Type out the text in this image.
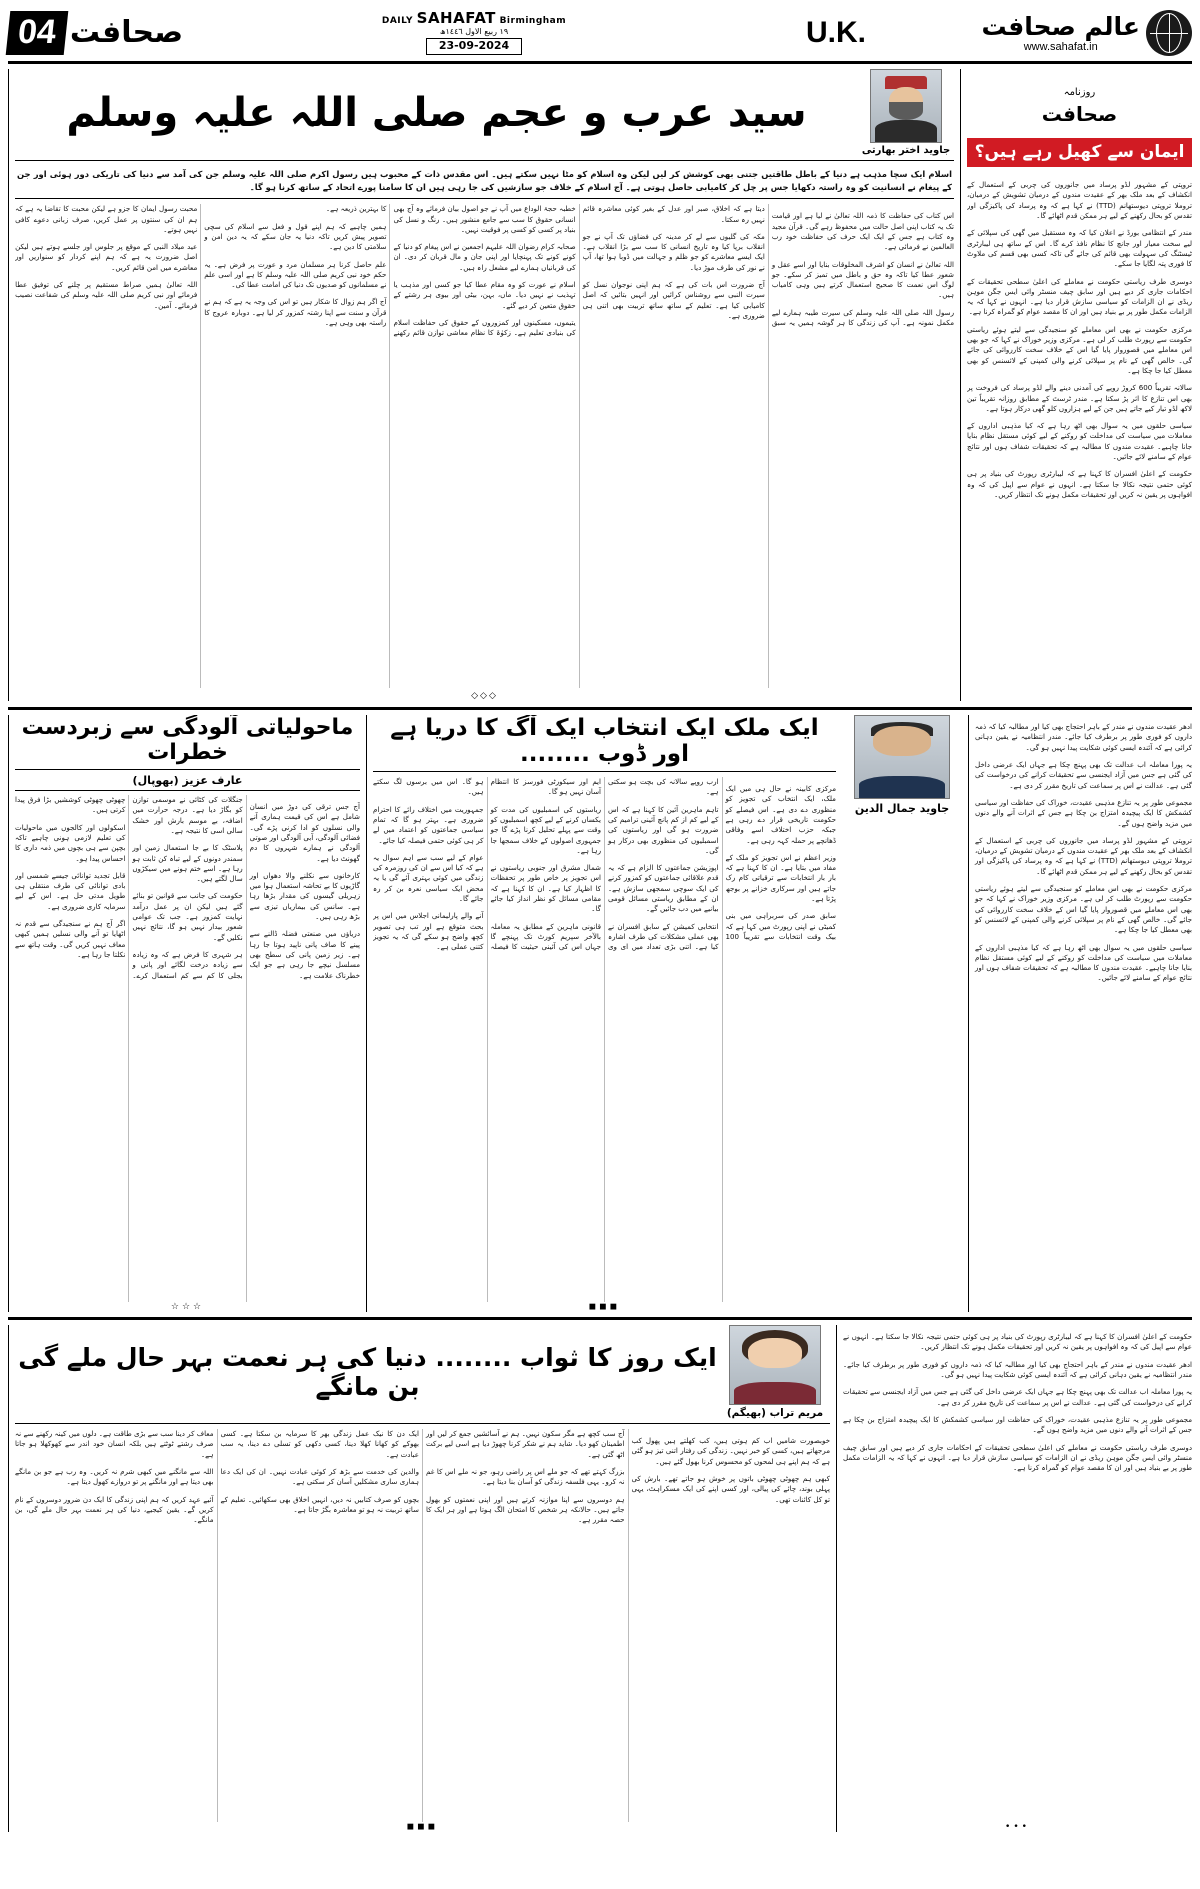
04 صحافت	DAILY SAHAFAT Birmingham
١٩ ربیع الاول ١٤٤٦ھ
23-09-2024	U.K.	عالم صحافت
www.sahafat.in
سید عرب و عجم صلی اللہ علیہ وسلم
جاوید اختر بھارتی
اسلام ایک سچا مذہب ہے دنیا کے باطل طاقتیں جتنی بھی کوشش کر لیں لیکن وہ اسلام کو مٹا نہیں سکتے ہیں۔ اس مقدس ذات کے محبوب ہیں رسول اکرم صلی اللہ علیہ وسلم جن کی آمد سے دنیا کی تاریکی دور ہوئی اور جن کے پیغام نے انسانیت کو وہ راستہ دکھایا جس پر چل کر کامیابی حاصل ہوتی ہے۔ آج اسلام کے خلاف جو سازشیں کی جا رہی ہیں ان کا سامنا پورے اتحاد کے ساتھ کرنا ہو گا۔

اس کتاب کی حفاظت کا ذمہ اللہ تعالیٰ نے لیا ہے اور قیامت تک یہ کتاب اپنی اصل حالت میں محفوظ رہے گی۔ قرآن مجید وہ کتاب ہے جس کے ایک ایک حرف کی حفاظت خود رب العالمین نے فرمائی ہے۔

اللہ تعالیٰ نے انسان کو اشرف المخلوقات بنایا اور اسے عقل و شعور عطا کیا تاکہ وہ حق و باطل میں تمیز کر سکے۔ جو لوگ اس نعمت کا صحیح استعمال کرتے ہیں وہی کامیاب ہیں۔

رسول اللہ صلی اللہ علیہ وسلم کی سیرت طیبہ ہمارے لیے مکمل نمونہ ہے۔ آپ کی زندگی کا ہر گوشہ ہمیں یہ سبق دیتا ہے کہ اخلاق، صبر اور عدل کے بغیر کوئی معاشرہ قائم نہیں رہ سکتا۔

مکہ کی گلیوں سے لے کر مدینہ کی فضاؤں تک آپ نے جو انقلاب برپا کیا وہ تاریخ انسانی کا سب سے بڑا انقلاب ہے۔ ایک ایسے معاشرے کو جو ظلم و جہالت میں ڈوبا ہوا تھا، آپ نے نور کی طرف موڑ دیا۔

آج ضرورت اس بات کی ہے کہ ہم اپنی نوجوان نسل کو سیرت النبی سے روشناس کرائیں اور انہیں بتائیں کہ اصل کامیابی کیا ہے۔ تعلیم کے ساتھ ساتھ تربیت بھی اتنی ہی ضروری ہے۔

خطبہ حجۃ الوداع میں آپ نے جو اصول بیان فرمائے وہ آج بھی انسانی حقوق کا سب سے جامع منشور ہیں۔ رنگ و نسل کی بنیاد پر کسی کو کسی پر فوقیت نہیں۔

صحابہ کرام رضوان اللہ علیہم اجمعین نے اس پیغام کو دنیا کے کونے کونے تک پہنچایا اور اپنی جان و مال قربان کر دی۔ ان کی قربانیاں ہمارے لیے مشعل راہ ہیں۔

اسلام نے عورت کو وہ مقام عطا کیا جو کسی اور مذہب یا تہذیب نے نہیں دیا۔ ماں، بہن، بیٹی اور بیوی ہر رشتے کے حقوق متعین کر دیے گئے۔

یتیموں، مسکینوں اور کمزوروں کے حقوق کی حفاظت اسلام کی بنیادی تعلیم ہے۔ زکوٰۃ کا نظام معاشی توازن قائم رکھنے کا بہترین ذریعہ ہے۔

ہمیں چاہیے کہ ہم اپنے قول و فعل سے اسلام کی سچی تصویر پیش کریں تاکہ دنیا یہ جان سکے کہ یہ دین امن و سلامتی کا دین ہے۔

علم حاصل کرنا ہر مسلمان مرد و عورت پر فرض ہے۔ یہ حکم خود نبی کریم صلی اللہ علیہ وسلم کا ہے اور اسی علم نے مسلمانوں کو صدیوں تک دنیا کی امامت عطا کی۔

آج اگر ہم زوال کا شکار ہیں تو اس کی وجہ یہ ہے کہ ہم نے قرآن و سنت سے اپنا رشتہ کمزور کر لیا ہے۔ دوبارہ عروج کا راستہ بھی وہی ہے۔

محبت رسول ایمان کا جزو ہے لیکن محبت کا تقاضا یہ ہے کہ ہم ان کی سنتوں پر عمل کریں، صرف زبانی دعوے کافی نہیں ہوتے۔

عید میلاد النبی کے موقع پر جلوس اور جلسے ہوتے ہیں لیکن اصل ضرورت یہ ہے کہ ہم اپنے کردار کو سنواریں اور معاشرے میں امن قائم کریں۔

اللہ تعالیٰ ہمیں صراط مستقیم پر چلنے کی توفیق عطا فرمائے اور نبی کریم صلی اللہ علیہ وسلم کی شفاعت نصیب فرمائے۔ آمین۔

◇◇◇
روزنامہ
صحافت
ایمان سے کھیل رہے ہیں؟

تروپتی کے مشہور لڈو پرساد میں جانوروں کی چربی کے استعمال کے انکشاف کے بعد ملک بھر کے عقیدت مندوں کے درمیان تشویش کے درمیان، تروملا تروپتی دیوستھانم (TTD) نے کہا ہے کہ وہ پرساد کی پاکیزگی اور تقدس کو بحال رکھنے کے لیے ہر ممکن قدم اٹھائے گا۔

مندر کے انتظامی بورڈ نے اعلان کیا کہ وہ مستقبل میں گھی کی سپلائی کے لیے سخت معیار اور جانچ کا نظام نافذ کرے گا۔ اس کے ساتھ ہی لیبارٹری ٹیسٹنگ کی سہولت بھی قائم کی جائے گی تاکہ کسی بھی قسم کی ملاوٹ کا فوری پتہ لگایا جا سکے۔

دوسری طرف ریاستی حکومت نے معاملے کی اعلیٰ سطحی تحقیقات کے احکامات جاری کر دیے ہیں اور سابق چیف منسٹر وائی ایس جگن موہن ریڈی نے ان الزامات کو سیاسی سازش قرار دیا ہے۔ انہوں نے کہا کہ یہ الزامات مکمل طور پر بے بنیاد ہیں اور ان کا مقصد عوام کو گمراہ کرنا ہے۔

مرکزی حکومت نے بھی اس معاملے کو سنجیدگی سے لیتے ہوئے ریاستی حکومت سے رپورٹ طلب کر لی ہے۔ مرکزی وزیر خوراک نے کہا کہ جو بھی اس معاملے میں قصوروار پایا گیا اس کے خلاف سخت کارروائی کی جائے گی۔ خالص گھی کے نام پر سپلائی کرنے والی کمپنی کے لائسنس کو بھی معطل کیا جا چکا ہے۔

سالانہ تقریباً 600 کروڑ روپے کی آمدنی دینے والے لڈو پرساد کی فروخت پر بھی اس تنازع کا اثر پڑ سکتا ہے۔ مندر ٹرسٹ کے مطابق روزانہ تقریباً تین لاکھ لڈو تیار کیے جاتے ہیں جن کے لیے ہزاروں کلو گھی درکار ہوتا ہے۔

سیاسی حلقوں میں یہ سوال بھی اٹھ رہا ہے کہ کیا مذہبی اداروں کے معاملات میں سیاست کی مداخلت کو روکنے کے لیے کوئی مستقل نظام بنایا جانا چاہیے۔ عقیدت مندوں کا مطالبہ ہے کہ تحقیقات شفاف ہوں اور نتائج عوام کے سامنے لائے جائیں۔

حکومت کے اعلیٰ افسران کا کہنا ہے کہ لیبارٹری رپورٹ کی بنیاد پر ہی کوئی حتمی نتیجہ نکالا جا سکتا ہے۔ انہوں نے عوام سے اپیل کی کہ وہ افواہوں پر یقین نہ کریں اور تحقیقات مکمل ہونے تک انتظار کریں۔

ماحولیاتی آلودگی سے زبردست خطرات
عارف عزیز (بھوپال)

آج جس ترقی کی دوڑ میں انسان شامل ہے اس کی قیمت ہماری آنے والی نسلوں کو ادا کرنی پڑے گی۔ فضائی آلودگی، آبی آلودگی اور صوتی آلودگی نے ہمارے شہروں کا دم گھونٹ دیا ہے۔

کارخانوں سے نکلنے والا دھواں اور گاڑیوں کا بے تحاشہ استعمال ہوا میں زہریلی گیسوں کی مقدار بڑھا رہا ہے۔ سانس کی بیماریاں تیزی سے بڑھ رہی ہیں۔

دریاؤں میں صنعتی فضلہ ڈالنے سے پینے کا صاف پانی ناپید ہوتا جا رہا ہے۔ زیر زمین پانی کی سطح بھی مسلسل نیچے جا رہی ہے جو ایک خطرناک علامت ہے۔

جنگلات کی کٹائی نے موسمی توازن کو بگاڑ دیا ہے۔ درجہ حرارت میں اضافہ، بے موسم بارش اور خشک سالی اسی کا نتیجہ ہے۔

پلاسٹک کا بے جا استعمال زمین اور سمندر دونوں کے لیے تباہ کن ثابت ہو رہا ہے۔ اسے ختم ہونے میں سیکڑوں سال لگتے ہیں۔

حکومت کی جانب سے قوانین تو بنائے گئے ہیں لیکن ان پر عمل درآمد نہایت کمزور ہے۔ جب تک عوامی شعور بیدار نہیں ہو گا، نتائج نہیں نکلیں گے۔

ہر شہری کا فرض ہے کہ وہ زیادہ سے زیادہ درخت لگائے اور پانی و بجلی کا کم سے کم استعمال کرے۔ چھوٹی چھوٹی کوششیں بڑا فرق پیدا کرتی ہیں۔

اسکولوں اور کالجوں میں ماحولیات کی تعلیم لازمی ہونی چاہیے تاکہ بچپن سے ہی بچوں میں ذمہ داری کا احساس پیدا ہو۔

قابل تجدید توانائی جیسے شمسی اور بادی توانائی کی طرف منتقلی ہی طویل مدتی حل ہے۔ اس کے لیے سرمایہ کاری ضروری ہے۔

اگر آج ہم نے سنجیدگی سے قدم نہ اٹھایا تو آنے والی نسلیں ہمیں کبھی معاف نہیں کریں گی۔ وقت ہاتھ سے نکلتا جا رہا ہے۔

☆☆☆
ایک ملک ایک انتخاب ایک آگ کا دریا ہے اور ڈوب ........

مرکزی کابینہ نے حال ہی میں ایک ملک، ایک انتخاب کی تجویز کو منظوری دے دی ہے۔ اس فیصلے کو حکومت تاریخی قرار دے رہی ہے جبکہ حزب اختلاف اسے وفاقی ڈھانچے پر حملہ کہہ رہی ہے۔

وزیر اعظم نے اس تجویز کو ملک کے مفاد میں بتایا ہے۔ ان کا کہنا ہے کہ بار بار انتخابات سے ترقیاتی کام رک جاتے ہیں اور سرکاری خزانے پر بوجھ پڑتا ہے۔

سابق صدر کی سربراہی میں بنی کمیٹی نے اپنی رپورٹ میں کہا ہے کہ بیک وقت انتخابات سے تقریباً 100 ارب روپے سالانہ کی بچت ہو سکتی ہے۔

تاہم ماہرین آئین کا کہنا ہے کہ اس کے لیے کم از کم پانچ آئینی ترامیم کی ضرورت ہو گی اور ریاستوں کی اسمبلیوں کی منظوری بھی درکار ہو گی۔

اپوزیشن جماعتوں کا الزام ہے کہ یہ قدم علاقائی جماعتوں کو کمزور کرنے کی ایک سوچی سمجھی سازش ہے۔ ان کے مطابق ریاستی مسائل قومی بیانیے میں دب جائیں گے۔

انتخابی کمیشن کے سابق افسران نے بھی عملی مشکلات کی طرف اشارہ کیا ہے۔ اتنی بڑی تعداد میں ای وی ایم اور سیکورٹی فورسز کا انتظام آسان نہیں ہو گا۔

ریاستوں کی اسمبلیوں کی مدت کو یکساں کرنے کے لیے کچھ اسمبلیوں کو وقت سے پہلے تحلیل کرنا پڑے گا جو جمہوری اصولوں کے خلاف سمجھا جا رہا ہے۔

شمال مشرق اور جنوبی ریاستوں نے اس تجویز پر خاص طور پر تحفظات کا اظہار کیا ہے۔ ان کا کہنا ہے کہ مقامی مسائل کو نظر انداز کیا جائے گا۔

قانونی ماہرین کے مطابق یہ معاملہ بالآخر سپریم کورٹ تک پہنچے گا جہاں اس کی آئینی حیثیت کا فیصلہ ہو گا۔ اس میں برسوں لگ سکتے ہیں۔

جمہوریت میں اختلاف رائے کا احترام ضروری ہے۔ بہتر ہو گا کہ تمام سیاسی جماعتوں کو اعتماد میں لے کر ہی کوئی حتمی فیصلہ کیا جائے۔

عوام کے لیے سب سے اہم سوال یہ ہے کہ کیا اس سے ان کی روزمرہ کی زندگی میں کوئی بہتری آئے گی یا یہ محض ایک سیاسی نعرہ بن کر رہ جائے گا۔

آنے والے پارلیمانی اجلاس میں اس پر بحث متوقع ہے اور تب ہی تصویر کچھ واضح ہو سکے گی کہ یہ تجویز کتنی عملی ہے۔

◼◼◼
جاوید جمال الدین

ادھر عقیدت مندوں نے مندر کے باہر احتجاج بھی کیا اور مطالبہ کیا کہ ذمہ داروں کو فوری طور پر برطرف کیا جائے۔ مندر انتظامیہ نے یقین دہانی کرائی ہے کہ آئندہ ایسی کوئی شکایت پیدا نہیں ہو گی۔

یہ پورا معاملہ اب عدالت تک بھی پہنچ چکا ہے جہاں ایک عرضی داخل کی گئی ہے جس میں آزاد ایجنسی سے تحقیقات کرانے کی درخواست کی گئی ہے۔ عدالت نے اس پر سماعت کی تاریخ مقرر کر دی ہے۔

مجموعی طور پر یہ تنازع مذہبی عقیدت، خوراک کی حفاظت اور سیاسی کشمکش کا ایک پیچیدہ امتزاج بن چکا ہے جس کے اثرات آنے والے دنوں میں مزید واضح ہوں گے۔

تروپتی کے مشہور لڈو پرساد میں جانوروں کی چربی کے استعمال کے انکشاف کے بعد ملک بھر کے عقیدت مندوں کے درمیان تشویش کے درمیان، تروملا تروپتی دیوستھانم (TTD) نے کہا ہے کہ وہ پرساد کی پاکیزگی اور تقدس کو بحال رکھنے کے لیے ہر ممکن قدم اٹھائے گا۔

مرکزی حکومت نے بھی اس معاملے کو سنجیدگی سے لیتے ہوئے ریاستی حکومت سے رپورٹ طلب کر لی ہے۔ مرکزی وزیر خوراک نے کہا کہ جو بھی اس معاملے میں قصوروار پایا گیا اس کے خلاف سخت کارروائی کی جائے گی۔ خالص گھی کے نام پر سپلائی کرنے والی کمپنی کے لائسنس کو بھی معطل کیا جا چکا ہے۔

سیاسی حلقوں میں یہ سوال بھی اٹھ رہا ہے کہ کیا مذہبی اداروں کے معاملات میں سیاست کی مداخلت کو روکنے کے لیے کوئی مستقل نظام بنایا جانا چاہیے۔ عقیدت مندوں کا مطالبہ ہے کہ تحقیقات شفاف ہوں اور نتائج عوام کے سامنے لائے جائیں۔

ایک روز کا ثواب ........ دنیا کی ہر نعمت بہر حال ملے گی بن مانگے
مریم تراب (بھیگم)

خوبصورت شامیں اب کم ہوتی ہیں، کب کھلتے ہیں پھول کب مرجھاتے ہیں، کسی کو خبر نہیں۔ زندگی کی رفتار اتنی تیز ہو گئی ہے کہ ہم اپنے ہی لمحوں کو محسوس کرنا بھول گئے ہیں۔

کبھی ہم چھوٹی چھوٹی باتوں پر خوش ہو جاتے تھے۔ بارش کی پہلی بوند، چائے کی پیالی، اور کسی اپنے کی ایک مسکراہٹ، یہی تو کل کائنات تھی۔

آج سب کچھ ہے مگر سکون نہیں۔ ہم نے آسائشیں جمع کر لیں اور اطمینان کھو دیا۔ شاید ہم نے شکر کرنا چھوڑ دیا ہے اسی لیے برکت اٹھ گئی ہے۔

بزرگ کہتے تھے کہ جو ملے اس پر راضی رہو، جو نہ ملے اس کا غم نہ کرو۔ یہی فلسفہ زندگی کو آسان بنا دیتا ہے۔

ہم دوسروں سے اپنا موازنہ کرتے ہیں اور اپنی نعمتوں کو بھول جاتے ہیں۔ حالانکہ ہر شخص کا امتحان الگ ہوتا ہے اور ہر ایک کا حصہ مقرر ہے۔

ایک دن کا نیک عمل زندگی بھر کا سرمایہ بن سکتا ہے۔ کسی بھوکے کو کھانا کھلا دینا، کسی دکھی کو تسلی دے دینا، یہ سب عبادت ہے۔

والدین کی خدمت سے بڑھ کر کوئی عبادت نہیں۔ ان کی ایک دعا ہماری ساری مشکلیں آسان کر سکتی ہے۔

بچوں کو صرف کتابیں نہ دیں، انہیں اخلاق بھی سکھائیں۔ تعلیم کے ساتھ تربیت نہ ہو تو معاشرہ بگڑ جاتا ہے۔

معاف کر دینا سب سے بڑی طاقت ہے۔ دلوں میں کینہ رکھنے سے نہ صرف رشتے ٹوٹتے ہیں بلکہ انسان خود اندر سے کھوکھلا ہو جاتا ہے۔

اللہ سے مانگنے میں کبھی شرم نہ کریں۔ وہ رب ہے جو بن مانگے بھی دیتا ہے اور مانگنے پر تو دروازے کھول دیتا ہے۔

آئیے عہد کریں کہ ہم اپنی زندگی کا ایک دن ضرور دوسروں کے نام کریں گے۔ یقین کیجیے، دنیا کی ہر نعمت بہر حال ملے گی، بن مانگے۔

◼◼◼

حکومت کے اعلیٰ افسران کا کہنا ہے کہ لیبارٹری رپورٹ کی بنیاد پر ہی کوئی حتمی نتیجہ نکالا جا سکتا ہے۔ انہوں نے عوام سے اپیل کی کہ وہ افواہوں پر یقین نہ کریں اور تحقیقات مکمل ہونے تک انتظار کریں۔

ادھر عقیدت مندوں نے مندر کے باہر احتجاج بھی کیا اور مطالبہ کیا کہ ذمہ داروں کو فوری طور پر برطرف کیا جائے۔ مندر انتظامیہ نے یقین دہانی کرائی ہے کہ آئندہ ایسی کوئی شکایت پیدا نہیں ہو گی۔

یہ پورا معاملہ اب عدالت تک بھی پہنچ چکا ہے جہاں ایک عرضی داخل کی گئی ہے جس میں آزاد ایجنسی سے تحقیقات کرانے کی درخواست کی گئی ہے۔ عدالت نے اس پر سماعت کی تاریخ مقرر کر دی ہے۔

مجموعی طور پر یہ تنازع مذہبی عقیدت، خوراک کی حفاظت اور سیاسی کشمکش کا ایک پیچیدہ امتزاج بن چکا ہے جس کے اثرات آنے والے دنوں میں مزید واضح ہوں گے۔

دوسری طرف ریاستی حکومت نے معاملے کی اعلیٰ سطحی تحقیقات کے احکامات جاری کر دیے ہیں اور سابق چیف منسٹر وائی ایس جگن موہن ریڈی نے ان الزامات کو سیاسی سازش قرار دیا ہے۔ انہوں نے کہا کہ یہ الزامات مکمل طور پر بے بنیاد ہیں اور ان کا مقصد عوام کو گمراہ کرنا ہے۔

•••
